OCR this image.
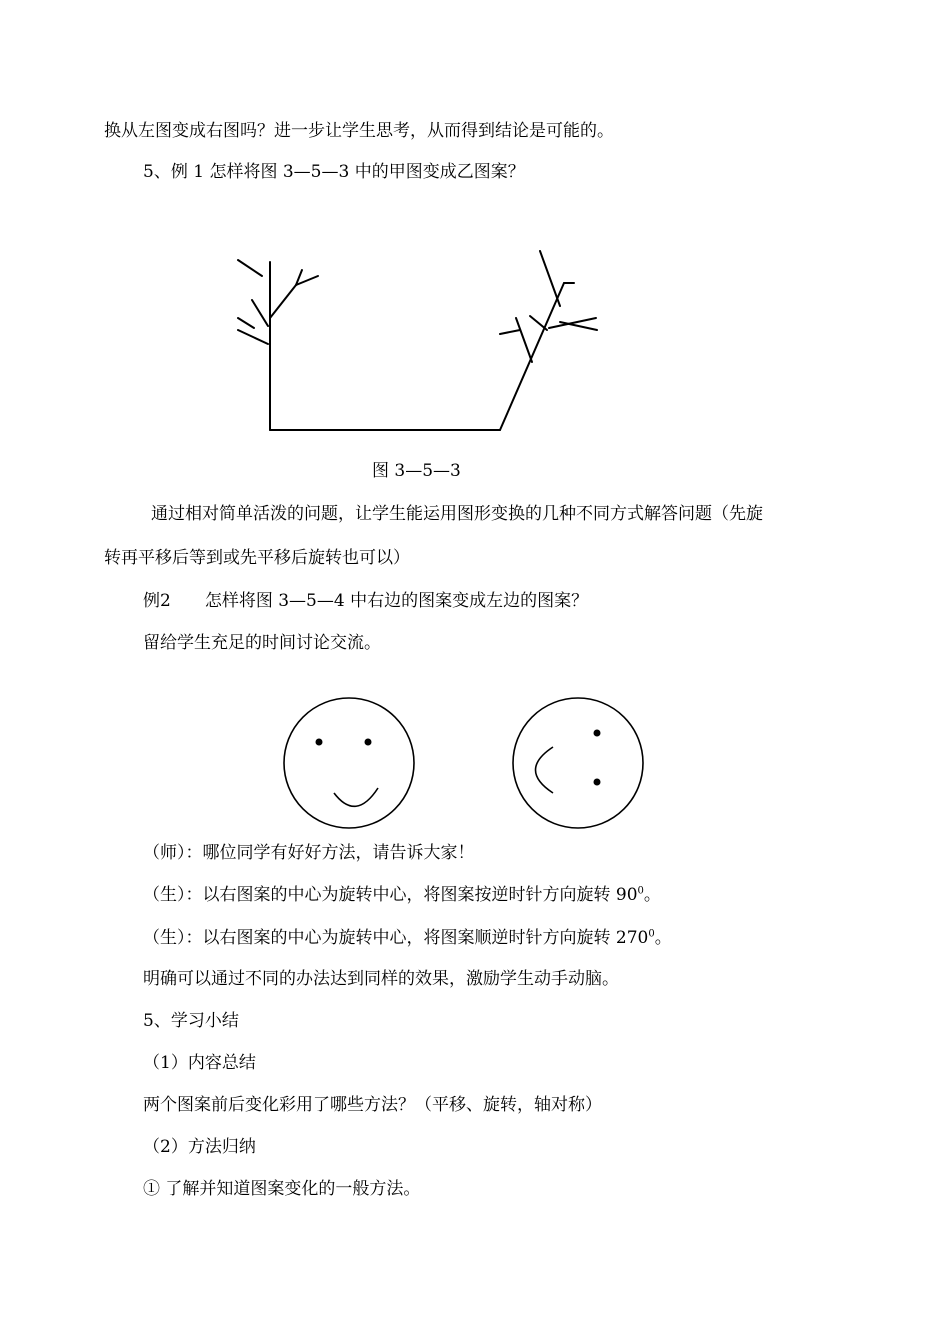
换从左图变成右图吗？进一步让学生思考，从而得到结论是可能的。
5、例 1 怎样将图 3—5—3 中的甲图变成乙图案？
图 3—5—3
通过相对简单活泼的问题，让学生能运用图形变换的几种不同方式解答问题（先旋
转再平移后等到或先平移后旋转也可以）
例2　　怎样将图 3—5—4 中右边的图案变成左边的图案？
留给学生充足的时间讨论交流。
（师）：哪位同学有好好方法，请告诉大家！
（生）：以右图案的中心为旋转中心，将图案按逆时针方向旋转 $90^0$。
（生）：以右图案的中心为旋转中心，将图案顺逆时针方向旋转 $270^0$。
明确可以通过不同的办法达到同样的效果，激励学生动手动脑。
5、学习小结
（1）内容总结
两个图案前后变化彩用了哪些方法？（平移、旋转，轴对称）
（2）方法归纳
① 了解并知道图案变化的一般方法。
